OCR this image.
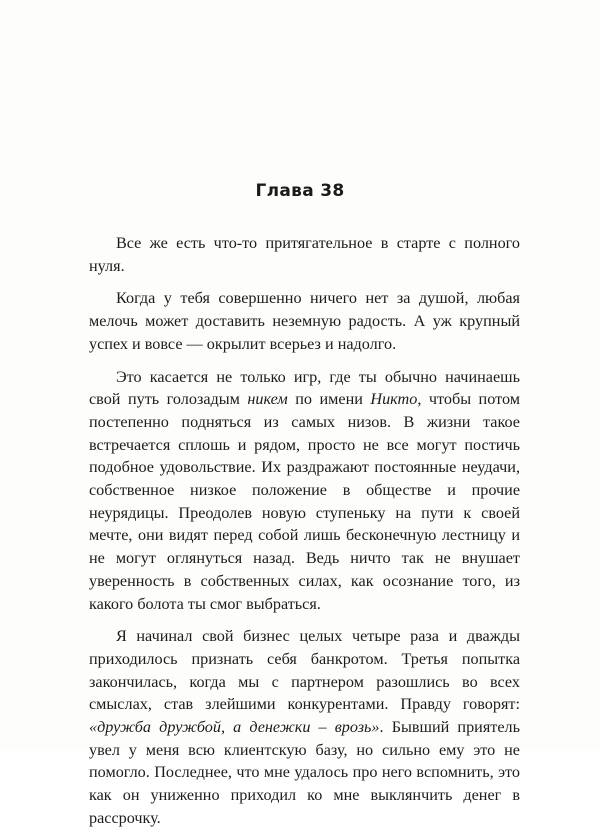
Глава 38

Все же есть что-то притягательное в старте с полного нуля.

Когда у тебя совершенно ничего нет за душой, любая мелочь может доставить неземную радость. А уж крупный успех и вовсе — окрылит всерьез и надолго.

Это касается не только игр, где ты обычно начинаешь свой путь голозадым никем по имени Никто, чтобы потом постепенно подняться из самых низов. В жизни такое встречается сплошь и рядом, просто не все могут постичь подобное удовольствие. Их раздражают постоянные неудачи, собственное низкое положение в обществе и прочие неурядицы. Преодолев новую ступеньку на пути к своей мечте, они видят перед собой лишь бесконечную лестницу и не могут оглянуться назад. Ведь ничто так не внушает уверенность в собственных силах, как осознание того, из какого болота ты смог выбраться.

Я начинал свой бизнес целых четыре раза и дважды приходилось признать себя банкротом. Третья попытка закончилась, когда мы с партнером разошлись во всех смыслах, став злейшими конкурентами. Правду говорят: «дружба дружбой, а денежки – врозь». Бывший приятель увел у меня всю клиентскую базу, но сильно ему это не помогло. Последнее, что мне удалось про него вспомнить, это как он униженно приходил ко мне выклянчить денег в рассрочку.
